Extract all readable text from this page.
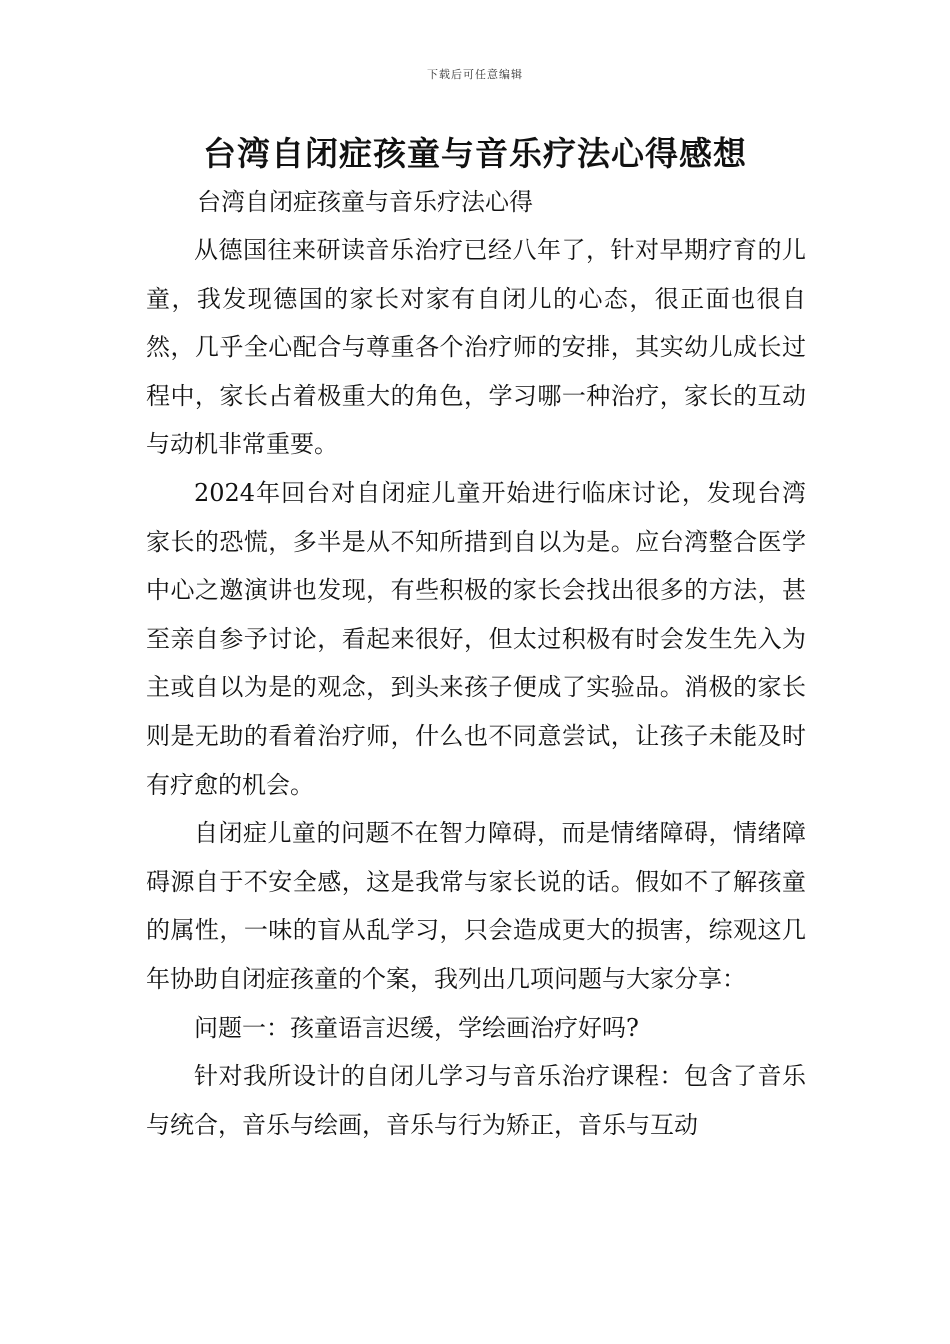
下载后可任意编辑
台湾自闭症孩童与音乐疗法心得感想
台湾自闭症孩童与音乐疗法心得

从德国往来研读音乐治疗已经八年了，针对早期疗育的儿童，我发现德国的家长对家有自闭儿的心态，很正面也很自然，几乎全心配合与尊重各个治疗师的安排，其实幼儿成长过程中，家长占着极重大的角色，学习哪一种治疗，家长的互动与动机非常重要。

2024年回台对自闭症儿童开始进行临床讨论，发现台湾家长的恐慌，多半是从不知所措到自以为是。应台湾整合医学中心之邀演讲也发现，有些积极的家长会找出很多的方法，甚至亲自参予讨论，看起来很好，但太过积极有时会发生先入为主或自以为是的观念，到头来孩子便成了实验品。消极的家长则是无助的看着治疗师，什么也不同意尝试，让孩子未能及时有疗愈的机会。

自闭症儿童的问题不在智力障碍，而是情绪障碍，情绪障碍源自于不安全感，这是我常与家长说的话。假如不了解孩童的属性，一味的盲从乱学习，只会造成更大的损害，综观这几年协助自闭症孩童的个案，我列出几项问题与大家分享：

问题一：孩童语言迟缓，学绘画治疗好吗?

针对我所设计的自闭儿学习与音乐治疗课程：包含了音乐与统合，音乐与绘画，音乐与行为矫正，音乐与互动
